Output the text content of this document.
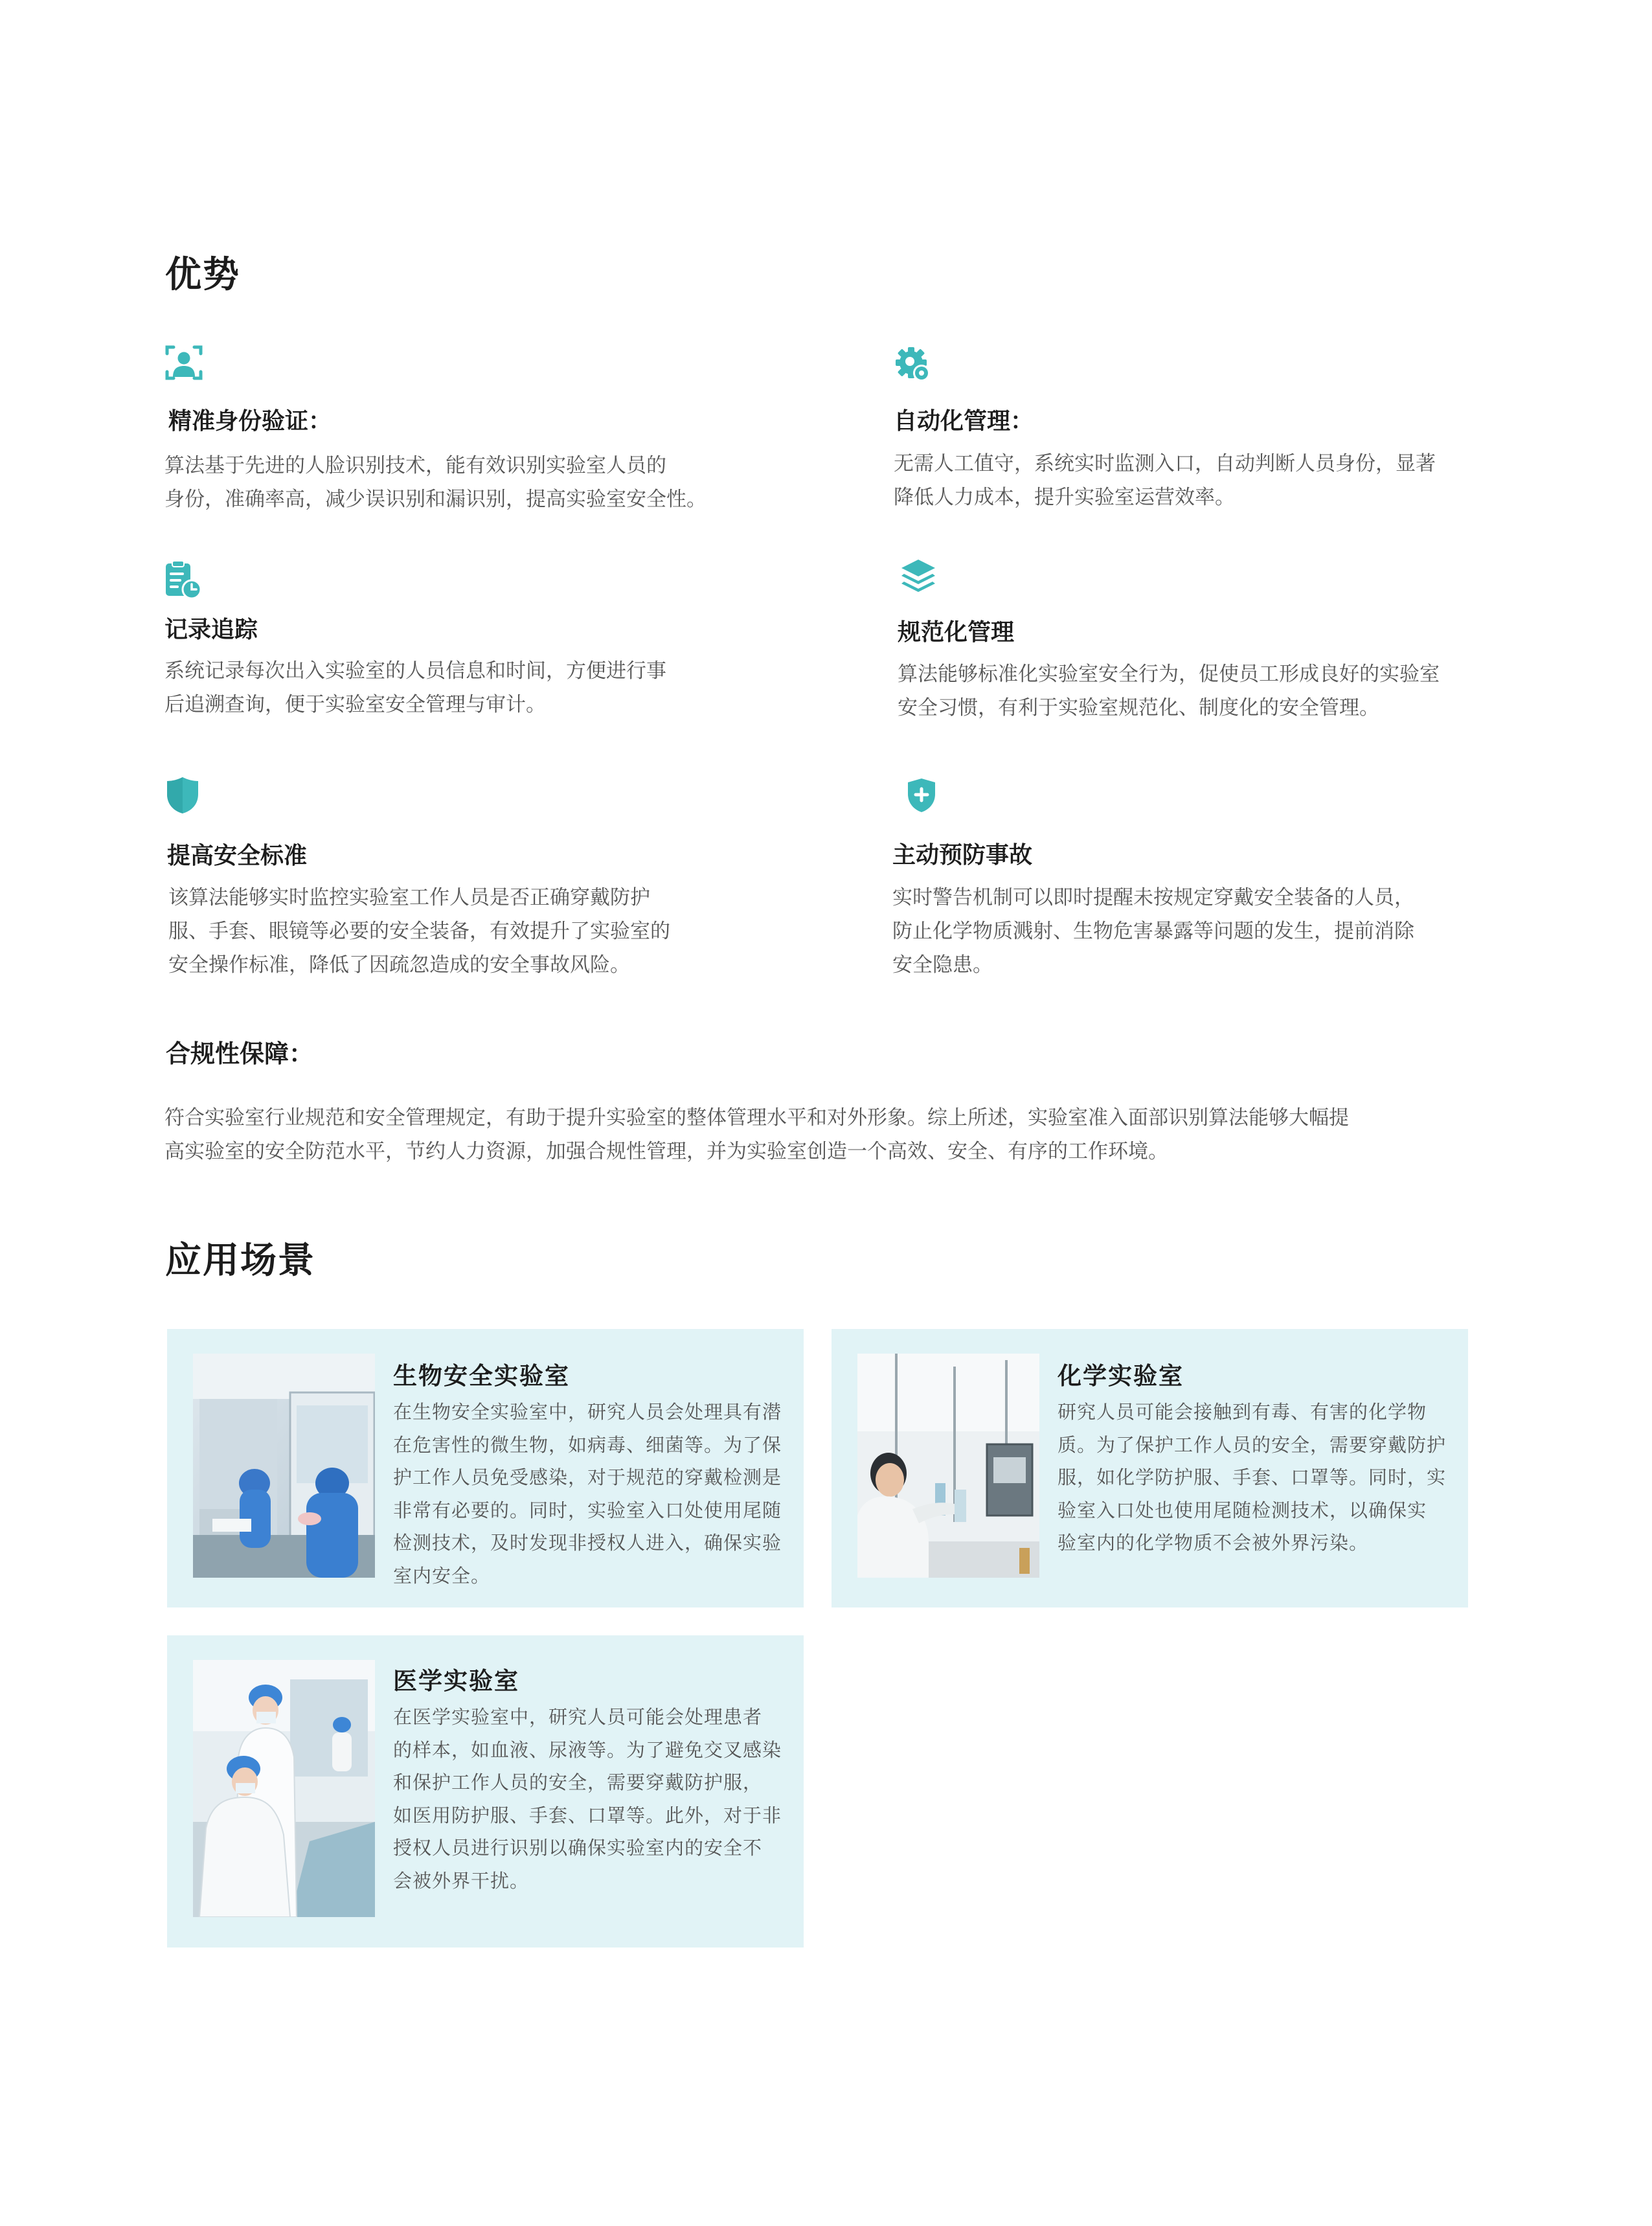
优势
精准身份验证：
算法基于先进的人脸识别技术，能有效识别实验室人员的
身份，准确率高，减少误识别和漏识别，提高实验室安全性。
自动化管理：
无需人工值守，系统实时监测入口，自动判断人员身份，显著
降低人力成本，提升实验室运营效率。
记录追踪
系统记录每次出入实验室的人员信息和时间，方便进行事
后追溯查询，便于实验室安全管理与审计。
规范化管理
算法能够标准化实验室安全行为，促使员工形成良好的实验室
安全习惯，有利于实验室规范化、制度化的安全管理。
提高安全标准
该算法能够实时监控实验室工作人员是否正确穿戴防护
服、手套、眼镜等必要的安全装备，有效提升了实验室的
安全操作标准，降低了因疏忽造成的安全事故风险。
主动预防事故
实时警告机制可以即时提醒未按规定穿戴安全装备的人员，
防止化学物质溅射、生物危害暴露等问题的发生，提前消除
安全隐患。
合规性保障：
符合实验室行业规范和安全管理规定，有助于提升实验室的整体管理水平和对外形象。综上所述，实验室准入面部识别算法能够大幅提
高实验室的安全防范水平，节约人力资源，加强合规性管理，并为实验室创造一个高效、安全、有序的工作环境。
应用场景
生物安全实验室
在生物安全实验室中，研究人员会处理具有潜
在危害性的微生物，如病毒、细菌等。为了保
护工作人员免受感染，对于规范的穿戴检测是
非常有必要的。同时，实验室入口处使用尾随
检测技术，及时发现非授权人进入，确保实验
室内安全。
化学实验室
研究人员可能会接触到有毒、有害的化学物
质。为了保护工作人员的安全，需要穿戴防护
服，如化学防护服、手套、口罩等。同时，实
验室入口处也使用尾随检测技术，以确保实
验室内的化学物质不会被外界污染。
医学实验室
在医学实验室中，研究人员可能会处理患者
的样本，如血液、尿液等。为了避免交叉感染
和保护工作人员的安全，需要穿戴防护服，
如医用防护服、手套、口罩等。此外，对于非
授权人员进行识别以确保实验室内的安全不
会被外界干扰。
